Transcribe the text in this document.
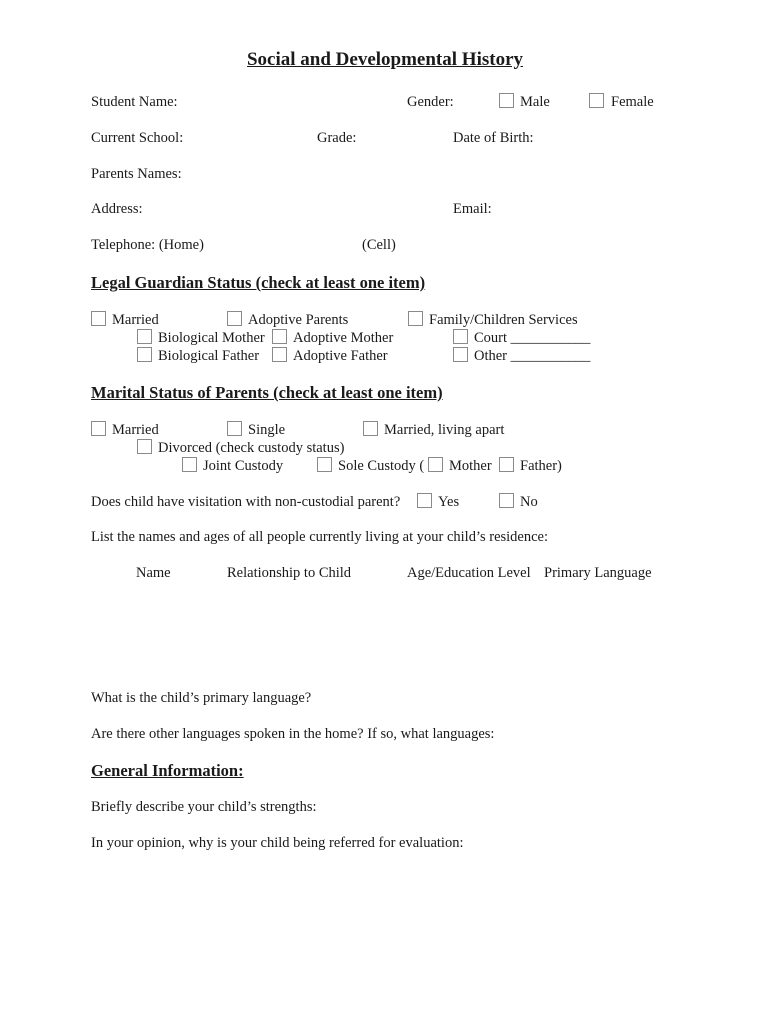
Social and Developmental History
Student Name:	Gender:	Male	Female
Current School:	Grade:	Date of Birth:
Parents Names:
Address:	Email:
Telephone: (Home)	(Cell)
Legal Guardian Status (check at least one item)
Married	Adoptive Parents	Family/Children Services
Biological Mother Adoptive Mother	Court ___________
Biological Father Adoptive Father	Other ___________
Marital Status of Parents (check at least one item)
Married	Single	Married, living apart
Divorced (check custody status)
Joint Custody	Sole Custody ( Mother Father)
Does child have visitation with non-custodial parent?	Yes	No
List the names and ages of all people currently living at your child’s residence:
Name	Relationship to Child	Age/Education Level Primary Language
What is the child’s primary language?
Are there other languages spoken in the home? If so, what languages:
General Information:
Briefly describe your child’s strengths:
In your opinion, why is your child being referred for evaluation:
